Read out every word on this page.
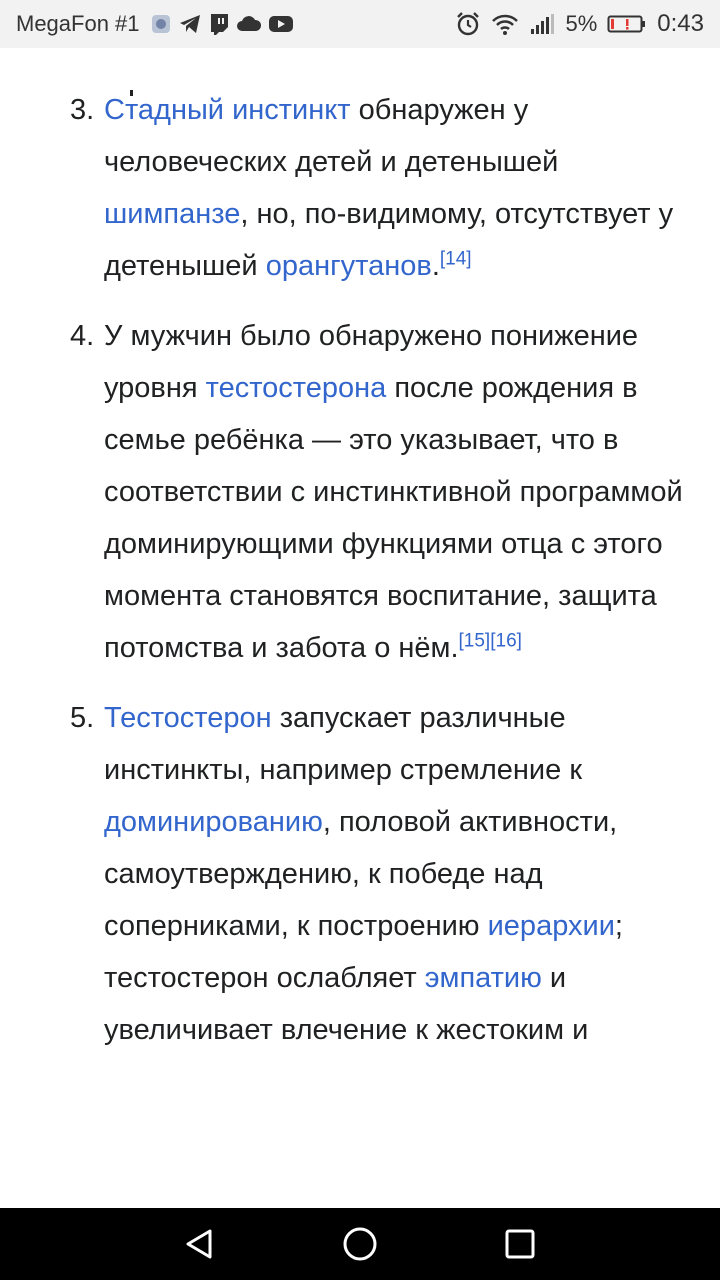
MegaFon #1	5%	0:43
3. Стадный инстинкт обнаружен у человеческих детей и детенышей шимпанзе, но, по-видимому, отсутствует у детенышей орангутанов.[14]
4. У мужчин было обнаружено понижение уровня тестостерона после рождения в семье ребёнка — это указывает, что в соответствии с инстинктивной программой доминирующими функциями отца с этого момента становятся воспитание, защита потомства и забота о нём.[15][16]
5. Тестостерон запускает различные инстинкты, например стремление к доминированию, половой активности, самоутверждению, к победе над соперниками, к построению иерархии; тестостерон ослабляет эмпатию и увеличивает влечение к жестоким и
